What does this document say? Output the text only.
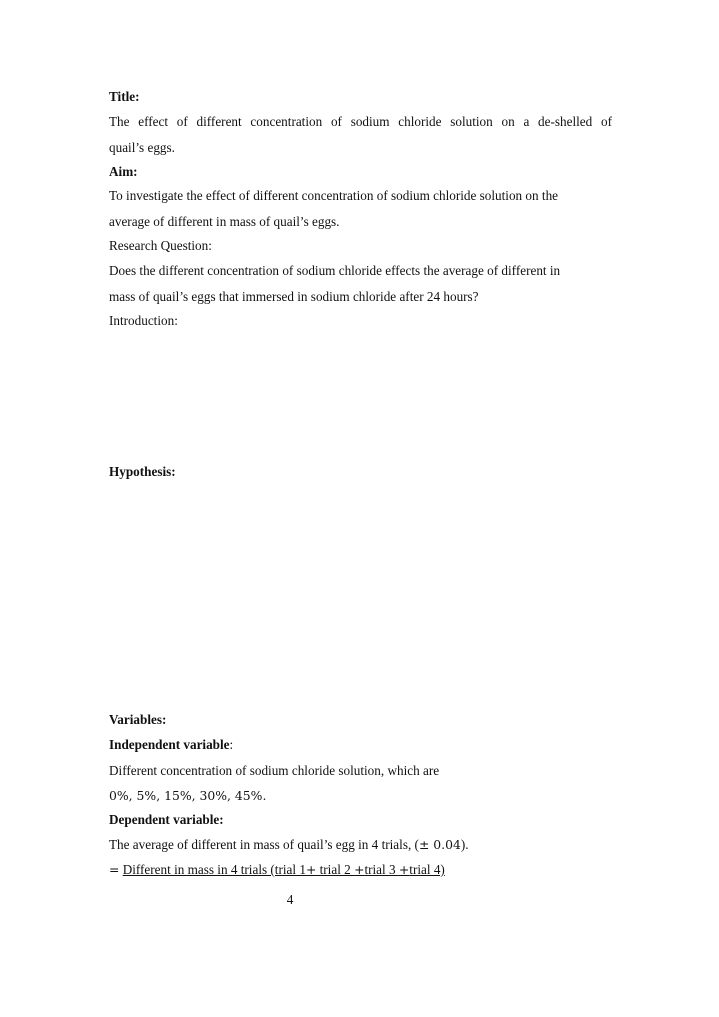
Title:
The effect of different concentration of sodium chloride solution on a de-shelled of
quail’s eggs.
Aim:
To investigate the effect of different concentration of sodium chloride solution on the
average of different in mass of quail’s eggs.
Research Question:
Does the different concentration of sodium chloride effects the average of different in
mass of quail’s eggs that immersed in sodium chloride after 24 hours?
Introduction:
Hypothesis:
Variables:
Independent variable:
Different concentration of sodium chloride solution, which are
0%, 5%, 15%, 30%, 45%.
Dependent variable:
The average of different in mass of quail’s egg in 4 trials, (± 0.04).
= Different in mass in 4 trials (trial 1+ trial 2 +trial 3 +trial 4)
4
